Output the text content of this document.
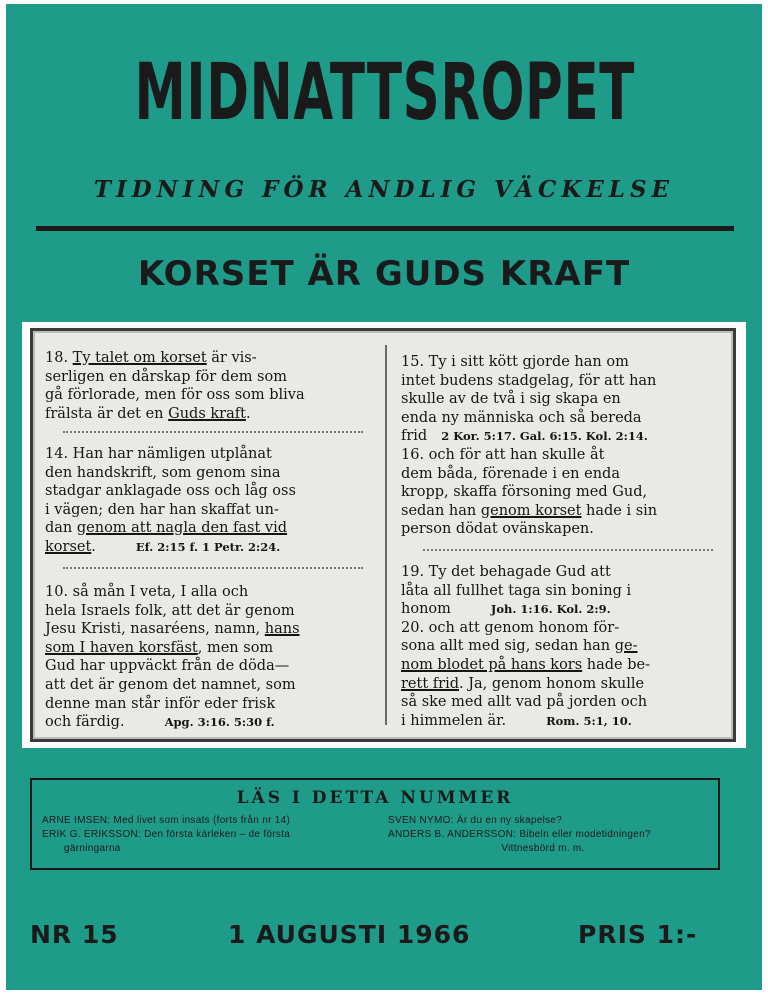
MIDNATTSROPET
TIDNING FÖR ANDLIG VÄCKELSE
KORSET ÄR GUDS KRAFT

18. Ty talet om korset är vis-

serligen en dårskap för dem som

gå förlorade, men för oss som bliva

frälsta är det en Guds kraft.

14. Han har nämligen utplånat

den handskrift, som genom sina

stadgar anklagade oss och låg oss

i vägen; den har han skaffat un-

dan genom att nagla den fast vid

korset.	Ef. 2:15 f. 1 Petr. 2:24.

10. så mån I veta, I alla och

hela Israels folk, att det är genom

Jesu Kristi, nasaréens, namn, hans

som I haven korsfäst, men som

Gud har uppväckt från de döda—

att det är genom det namnet, som

denne man står inför eder frisk

och färdig.	Apg. 3:16. 5:30 f.

15. Ty i sitt kött gjorde han om

intet budens stadgelag, för att han

skulle av de två i sig skapa en

enda ny människa och så bereda

frid 2 Kor. 5:17. Gal. 6:15. Kol. 2:14.

16. och för att han skulle åt

dem båda, förenade i en enda

kropp, skaffa försoning med Gud,

sedan han genom korset hade i sin

person dödat ovänskapen.

19. Ty det behagade Gud att

låta all fullhet taga sin boning i

honom	Joh. 1:16. Kol. 2:9.

20. och att genom honom för-

sona allt med sig, sedan han ge-

nom blodet på hans kors hade be-

rett frid. Ja, genom honom skulle

så ske med allt vad på jorden och

i himmelen är.	Rom. 5:1, 10.

LÄS I DETTA NUMMER

ARNE IMSEN: Med livet som insats (forts från nr 14)

ERIK G. ERIKSSON: Den första kärleken – de första

gärningarna

SVEN NYMO: Är du en ny skapelse?

ANDERS B. ANDERSSON: Bibeln eller modetidningen?

Vittnesbörd m. m.

NR 15	1 AUGUSTI 1966	PRIS 1:-
